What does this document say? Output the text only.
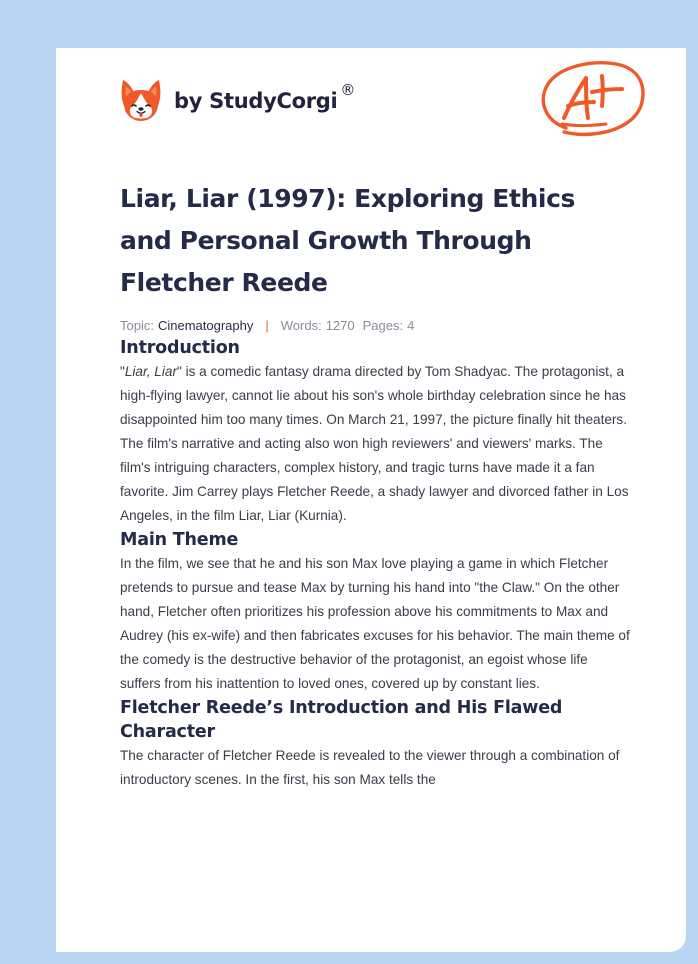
by StudyCorgi ®
Liar, Liar (1997): Exploring Ethics and Personal Growth Through Fletcher Reede
Topic: Cinematography | Words: 1270 Pages: 4
Introduction

"Liar, Liar" is a comedic fantasy drama directed by Tom Shadyac. The protagonist, a high-flying lawyer, cannot lie about his son's whole birthday celebration since he has disappointed him too many times. On March 21, 1997, the picture finally hit theaters. The film's narrative and acting also won high reviewers' and viewers' marks. The film's intriguing characters, complex history, and tragic turns have made it a fan favorite. Jim Carrey plays Fletcher Reede, a shady lawyer and divorced father in Los Angeles, in the film Liar, Liar (Kurnia).

Main Theme

In the film, we see that he and his son Max love playing a game in which Fletcher pretends to pursue and tease Max by turning his hand into "the Claw." On the other hand, Fletcher often prioritizes his profession above his commitments to Max and Audrey (his ex-wife) and then fabricates excuses for his behavior. The main theme of the comedy is the destructive behavior of the protagonist, an egoist whose life suffers from his inattention to loved ones, covered up by constant lies.

Fletcher Reede’s Introduction and His Flawed Character

The character of Fletcher Reede is revealed to the viewer through a combination of introductory scenes. In the first, his son Max tells the
